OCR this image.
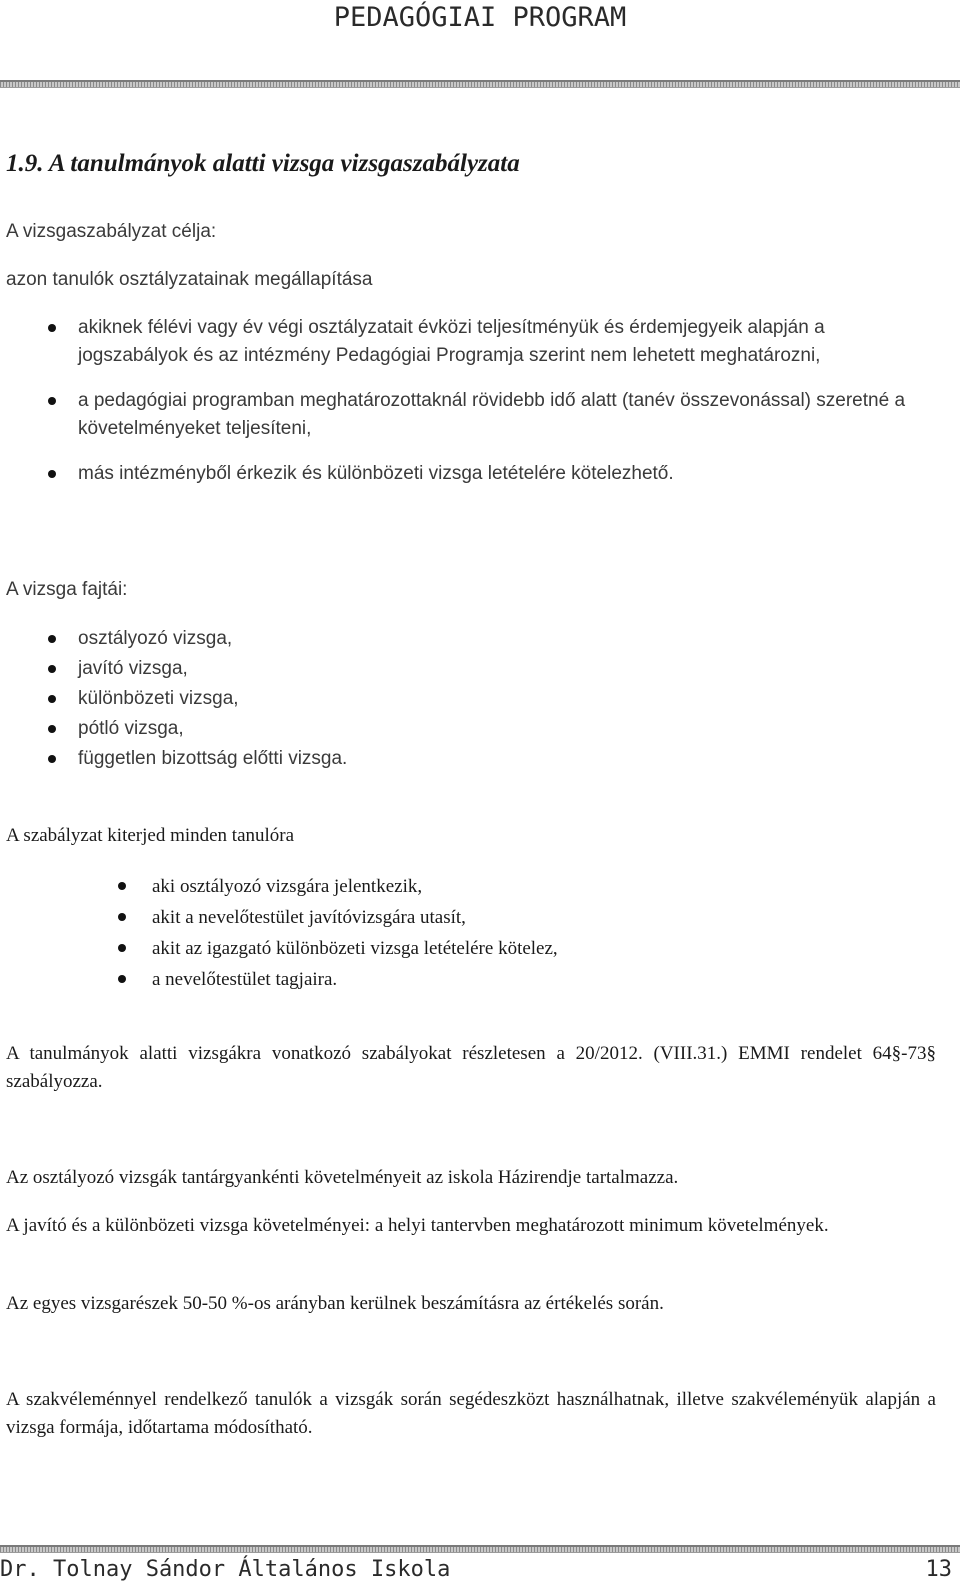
PEDAGÓGIAI PROGRAM
1.9. A tanulmányok alatti vizsga vizsgaszabályzata

A vizsgaszabályzat célja:

azon tanulók osztályzatainak megállapítása

akiknek félévi vagy év végi osztályzatait évközi teljesítményük és érdemjegyeik alapján a jogszabályok és az intézmény Pedagógiai Programja szerint nem lehetett meghatározni,
a pedagógiai programban meghatározottaknál rövidebb idő alatt (tanév összevonással) szeretné a követelményeket teljesíteni,
más intézményből érkezik és különbözeti vizsga letételére kötelezhető.

A vizsga fajtái:

osztályozó vizsga,
javító vizsga,
különbözeti vizsga,
pótló vizsga,
független bizottság előtti vizsga.

A szabályzat kiterjed minden tanulóra

aki osztályozó vizsgára jelentkezik,
akit a nevelőtestület javítóvizsgára utasít,
akit az igazgató különbözeti vizsga letételére kötelez,
a nevelőtestület tagjaira.

A tanulmányok alatti vizsgákra vonatkozó szabályokat részletesen a 20/2012. (VIII.31.) EMMI rendelet 64§-73§ szabályozza.

Az osztályozó vizsgák tantárgyankénti követelményeit az iskola Házirendje tartalmazza.

A javító és a különbözeti vizsga követelményei: a helyi tantervben meghatározott minimum követelmények.

Az egyes vizsgarészek 50-50 %-os arányban kerülnek beszámításra az értékelés során.

A szakvéleménnyel rendelkező tanulók a vizsgák során segédeszközt használhatnak, illetve szakvéleményük alapján a vizsga formája, időtartama módosítható.

Dr. Tolnay Sándor Általános Iskola	13
